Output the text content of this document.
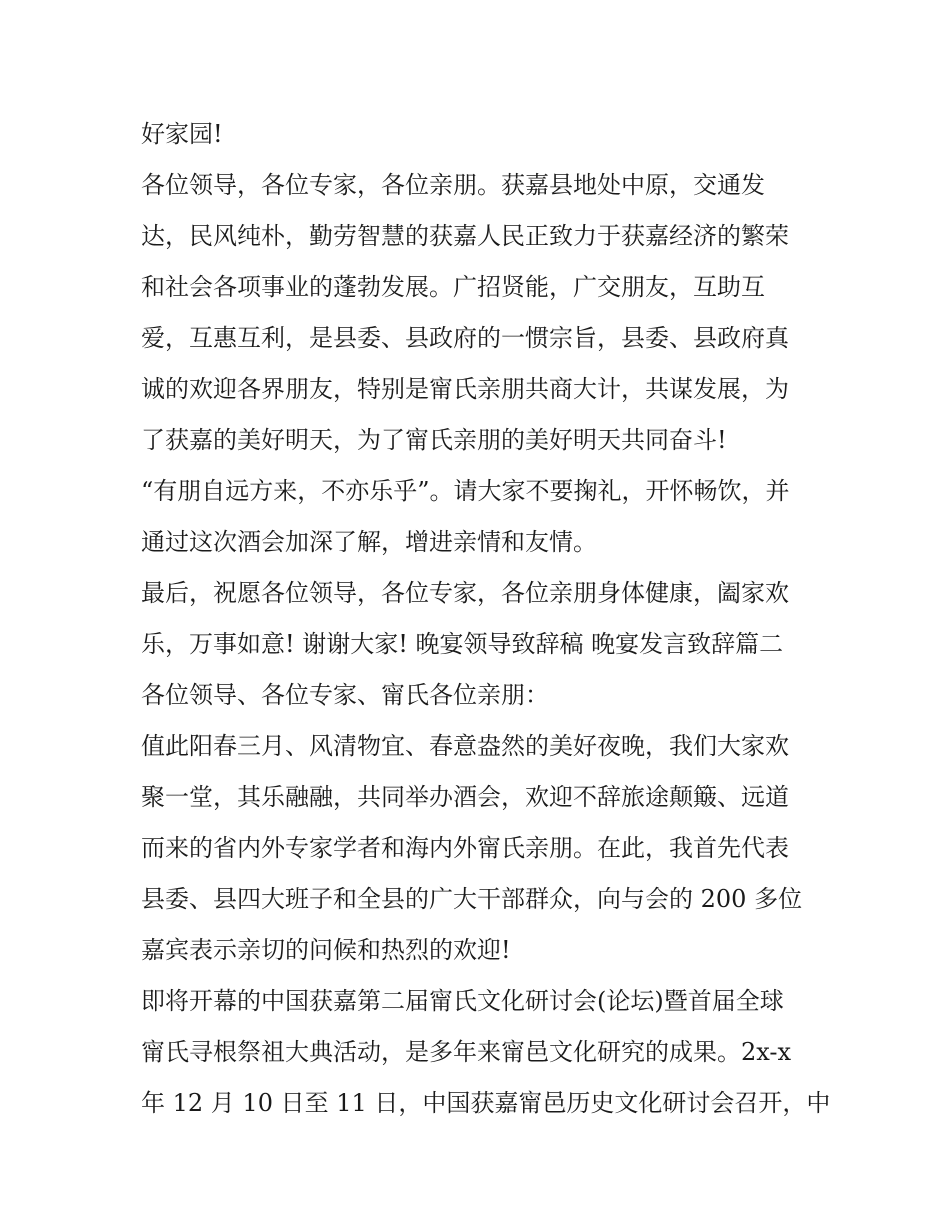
好家园!
各位领导，各位专家，各位亲朋。获嘉县地处中原，交通发
达，民风纯朴，勤劳智慧的获嘉人民正致力于获嘉经济的繁荣
和社会各项事业的蓬勃发展。广招贤能，广交朋友，互助互
爱，互惠互利，是县委、县政府的一惯宗旨，县委、县政府真
诚的欢迎各界朋友，特别是甯氏亲朋共商大计，共谋发展，为
了获嘉的美好明天，为了甯氏亲朋的美好明天共同奋斗!
“有朋自远方来，不亦乐乎”。请大家不要掬礼，开怀畅饮，并
通过这次酒会加深了解，增进亲情和友情。
最后，祝愿各位领导，各位专家，各位亲朋身体健康，阖家欢
乐，万事如意! 谢谢大家! 晚宴领导致辞稿 晚宴发言致辞篇二
各位领导、各位专家、甯氏各位亲朋：
值此阳春三月、风清物宜、春意盎然的美好夜晚，我们大家欢
聚一堂，其乐融融，共同举办酒会，欢迎不辞旅途颠簸、远道
而来的省内外专家学者和海内外甯氏亲朋。在此，我首先代表
县委、县四大班子和全县的广大干部群众，向与会的 200 多位
嘉宾表示亲切的问候和热烈的欢迎!
即将开幕的中国获嘉第二届甯氏文化研讨会(论坛)暨首届全球
甯氏寻根祭祖大典活动，是多年来甯邑文化研究的成果。2x-x
年 12 月 10 日至 11 日，中国获嘉甯邑历史文化研讨会召开，中
